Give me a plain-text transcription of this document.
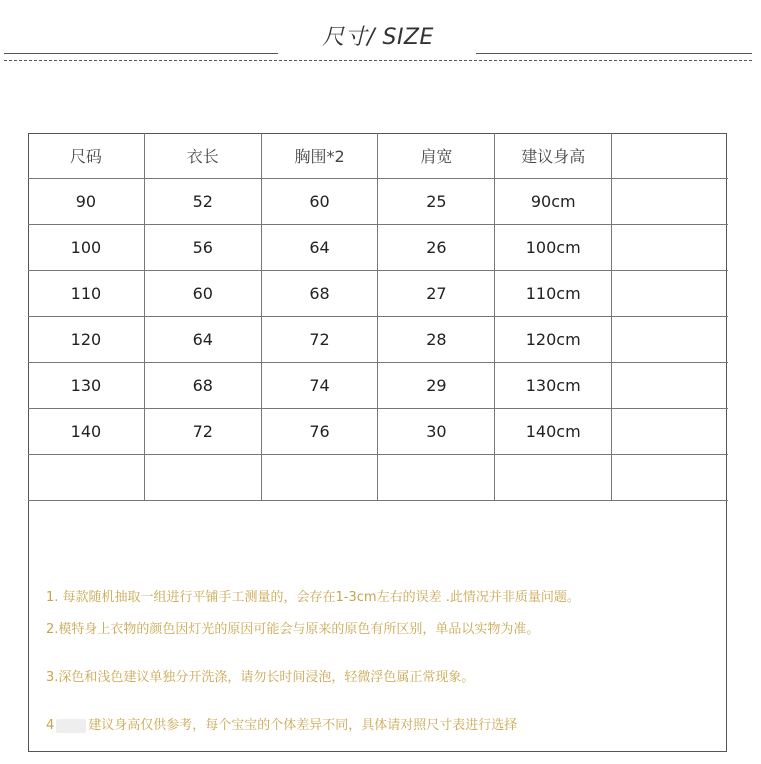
尺寸/ SIZE
尺码	衣长	胸围*2	肩宽	建议身高	
90	52	60	25	90cm	
100	56	64	26	100cm	
110	60	68	27	110cm	
120	64	72	28	120cm	
130	68	74	29	130cm	
140	72	76	30	140cm	

1. 每款随机抽取一组进行平铺手工测量的，会存在1-3cm左右的误差 .此情况并非质量问题。
2.模特身上衣物的颜色因灯光的原因可能会与原来的原色有所区别，单品以实物为准。
3.深色和浅色建议单独分开洗涤，请勿长时间浸泡，轻微浮色属正常现象。
4	建议身高仅供参考，每个宝宝的个体差异不同，具体请对照尺寸表进行选择
